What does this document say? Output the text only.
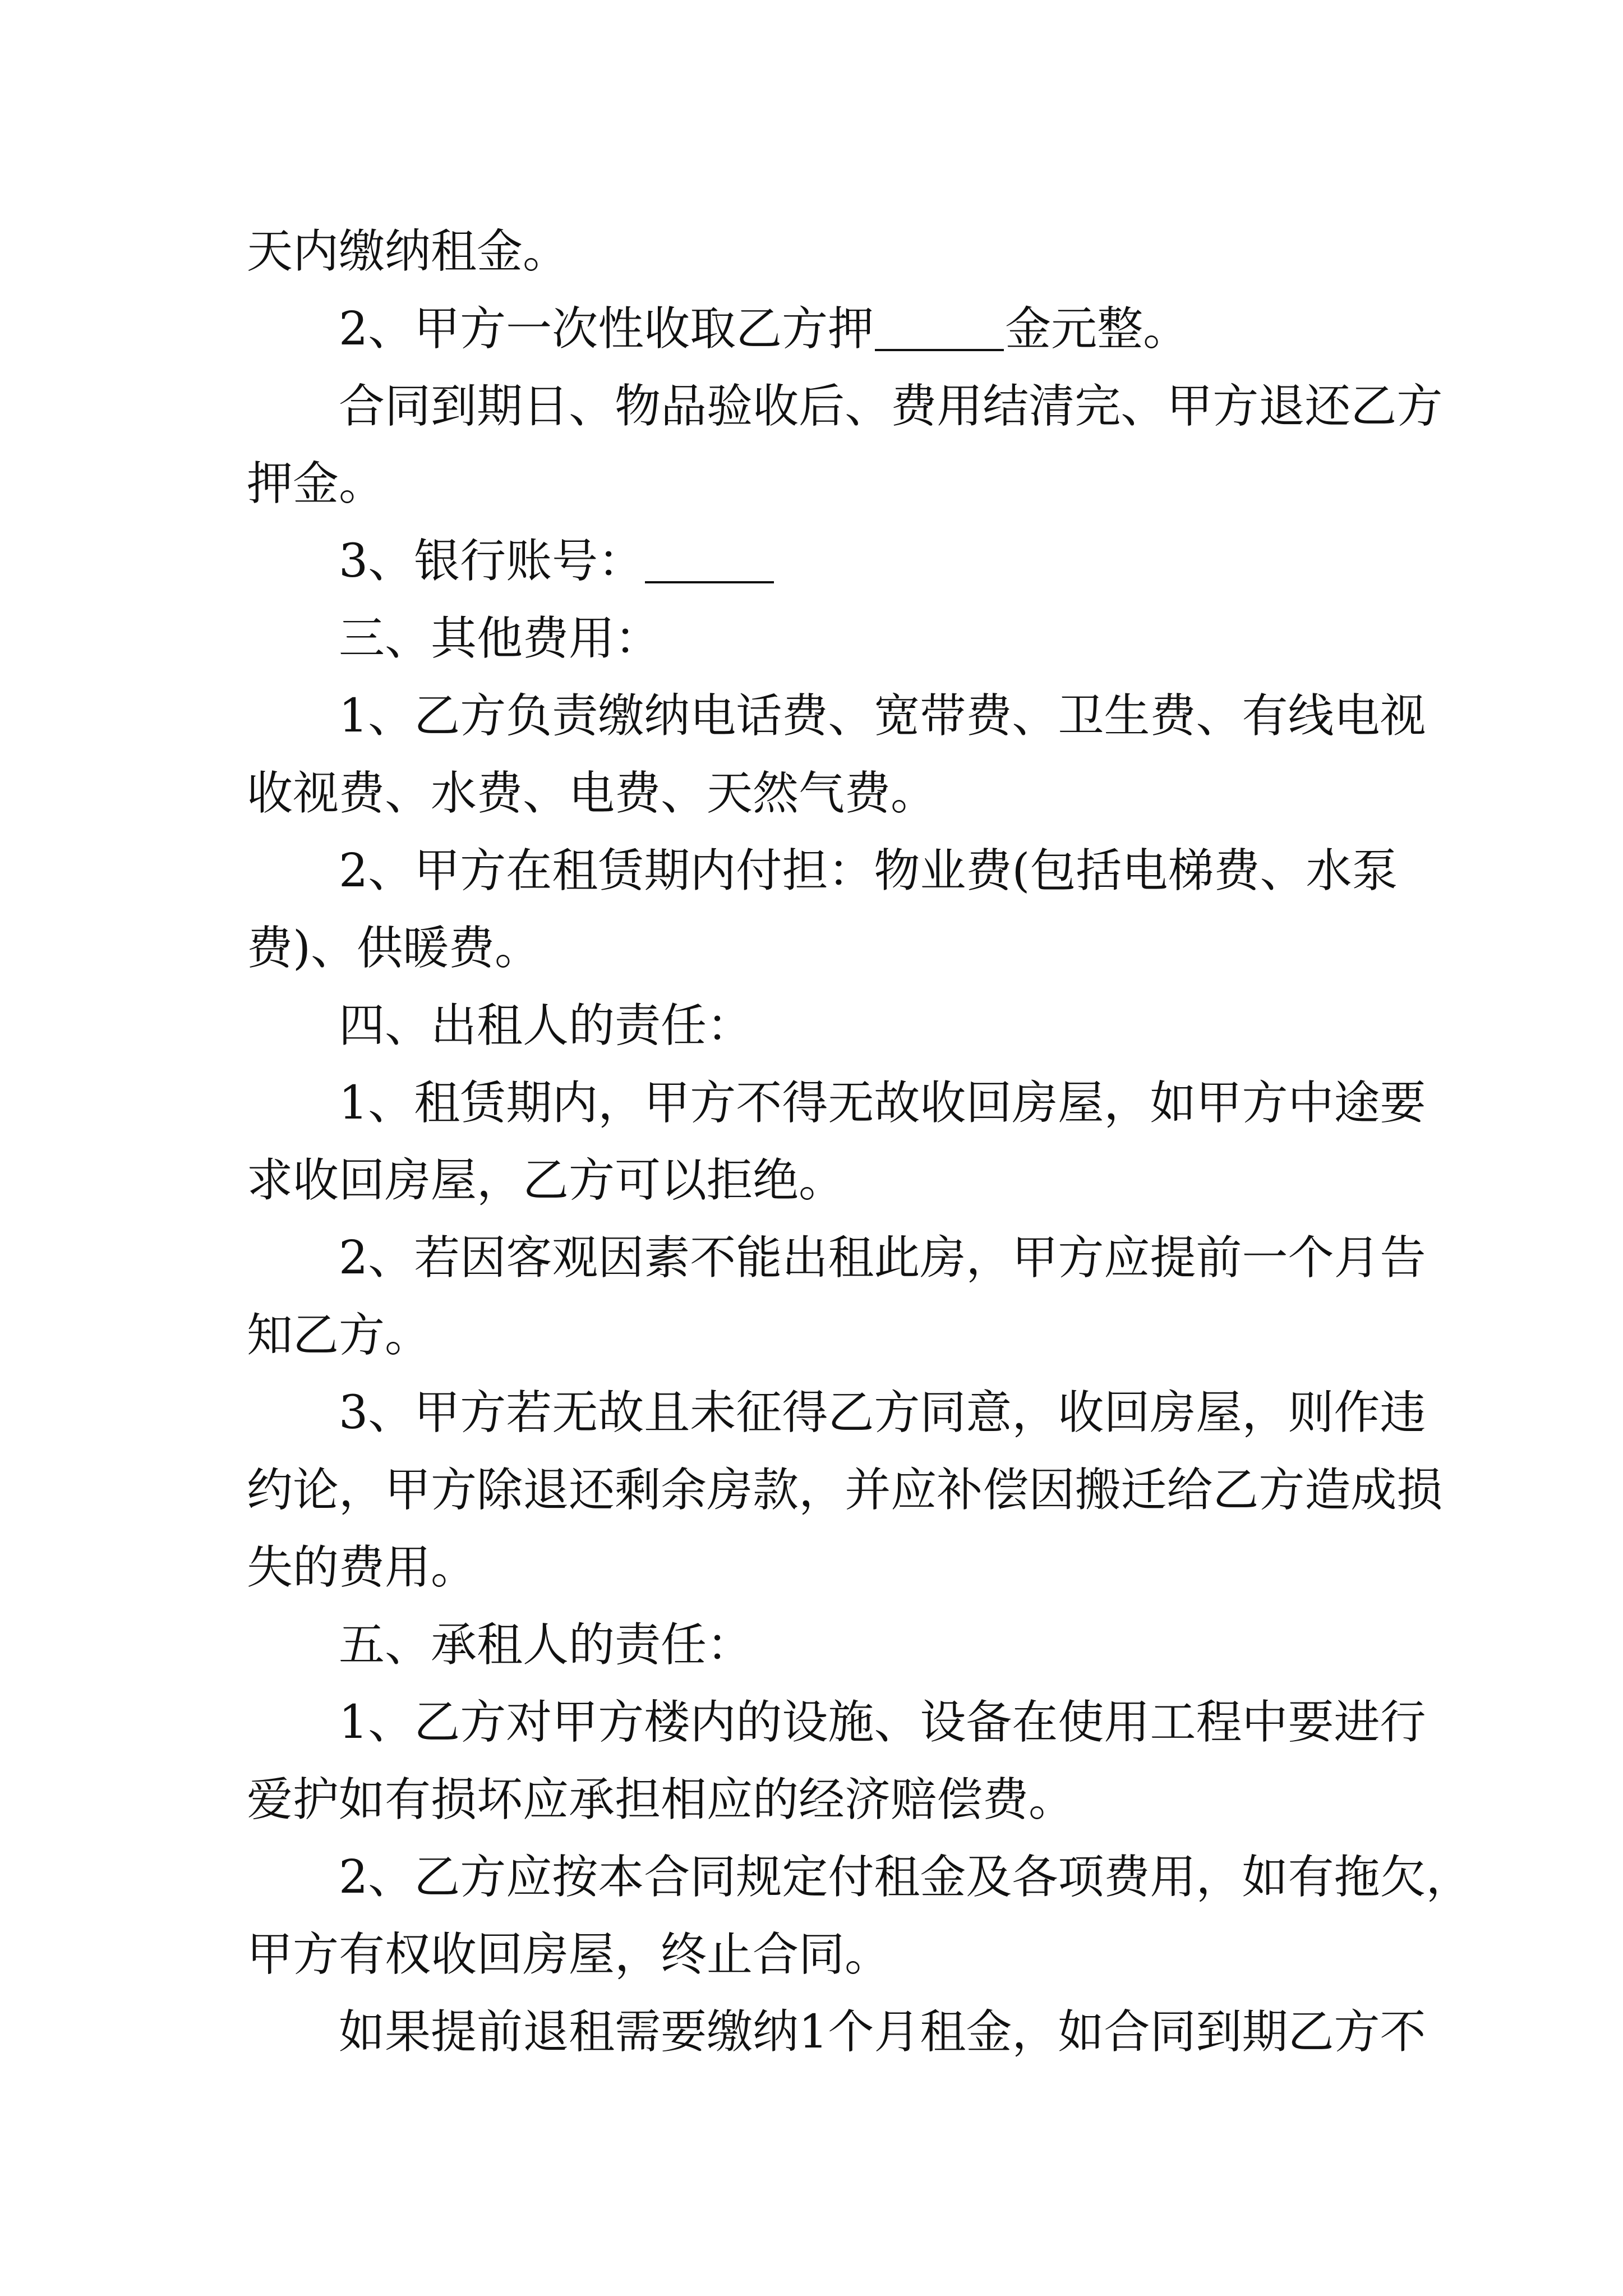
天内缴纳租金。
2、甲方一次性收取乙方押	金元整。
合 同 到 期 日 、 物 品 验 收 后 、 费 用 结 清 完 、 甲 方 退 还 乙 方
押金。
3、银行账号：
三、其他费用：
1 、 乙 方 负 责 缴 纳 电 话 费 、 宽 带 费 、 卫 生 费 、 有 线 电 视
收视费、水费、电费、天然气费。
2 、 甲 方 在 租 赁 期 内 付 担 ： 物 业 费 ( 包 括 电 梯 费 、 水 泵
费)、供暖费。
四、出租人的责任：
1 、 租 赁 期 内 ， 甲 方 不 得 无 故 收 回 房 屋 ， 如 甲 方 中 途 要
求收回房屋，乙方可以拒绝。
2 、 若 因 客 观 因 素 不 能 出 租 此 房 ， 甲 方 应 提 前 一 个 月 告
知乙方。
3 、 甲 方 若 无 故 且 未 征 得 乙 方 同 意 ， 收 回 房 屋 ， 则 作 违
约 论 ， 甲 方 除 退 还 剩 余 房 款 ， 并 应 补 偿 因 搬 迁 给 乙 方 造 成 损
失的费用。
五、承租人的责任：
1 、 乙 方 对 甲 方 楼 内 的 设 施 、 设 备 在 使 用 工 程 中 要 进 行
爱护如有损坏应承担相应的经济赔偿费。
2 、 乙 方 应 按 本 合 同 规 定 付 租 金 及 各 项 费 用 ， 如 有 拖 欠 ，
甲方有权收回房屋，终止合同。
如 果 提 前 退 租 需 要 缴 纳 1 个 月 租 金 ， 如 合 同 到 期 乙 方 不
